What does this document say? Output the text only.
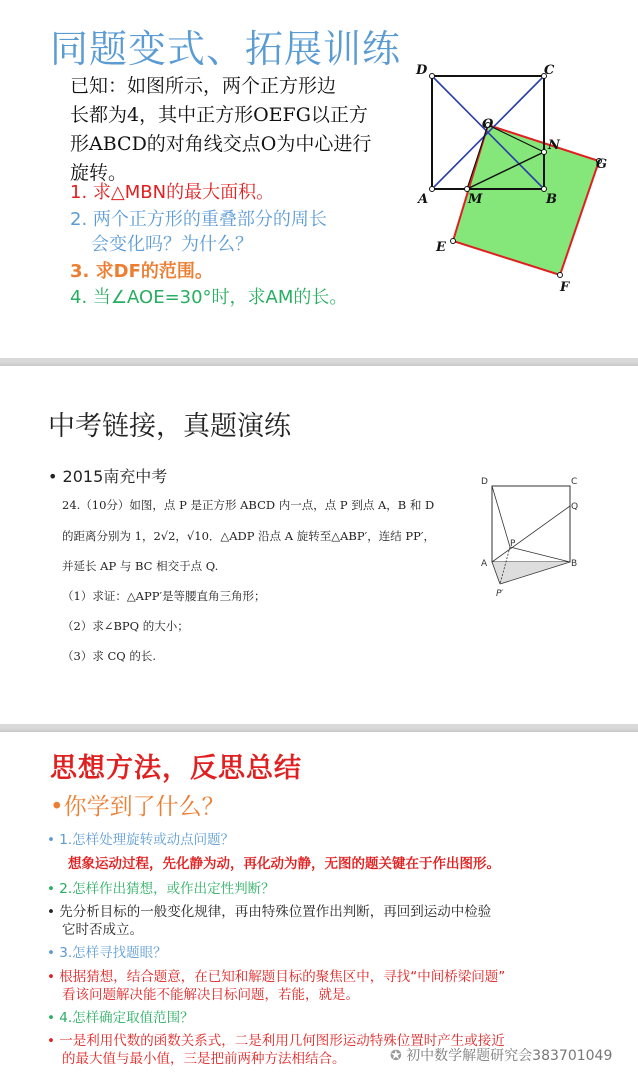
同题变式、拓展训练
已知：如图所示，两个正方形边
长都为4，其中正方形OEFG以正方
形ABCD的对角线交点O为中心进行
旋转。
1. 求△MBN的最大面积。
2. 两个正方形的重叠部分的周长
会变化吗？为什么？
3. 求DF的范围。
4. 当∠AOE=30°时，求AM的长。
D	C
O
N
G
A	M	B
E
F
中考链接，真题演练
• 2015南充中考
24.（10分）如图，点 P 是正方形 ABCD 内一点，点 P 到点 A，B 和 D
的距离分别为 1，2√2，√10．△ADP 沿点 A 旋转至△ABP′，连结 PP′，
并延长 AP 与 BC 相交于点 Q.
（1）求证：△APP′是等腰直角三角形；
（2）求∠BPQ 的大小；
（3）求 CQ 的长.
D	C
Q
P
A	B
P′
思想方法，反思总结
•你学到了什么？
• 1.怎样处理旋转或动点问题？
想象运动过程，先化静为动，再化动为静，无图的题关键在于作出图形。
• 2.怎样作出猜想，或作出定性判断？
• 先分析目标的一般变化规律，再由特殊位置作出判断，再回到运动中检验
它时否成立。
• 3.怎样寻找题眼？
• 根据猜想，结合题意，在已知和解题目标的聚焦区中，寻找“中间桥梁问题”
看该问题解决能不能解决目标问题，若能，就是。
• 4.怎样确定取值范围？
• 一是利用代数的函数关系式，二是利用几何图形运动特殊位置时产生或接近
的最大值与最小值，三是把前两种方法相结合。	✪ 初中数学解题研究会383701049
